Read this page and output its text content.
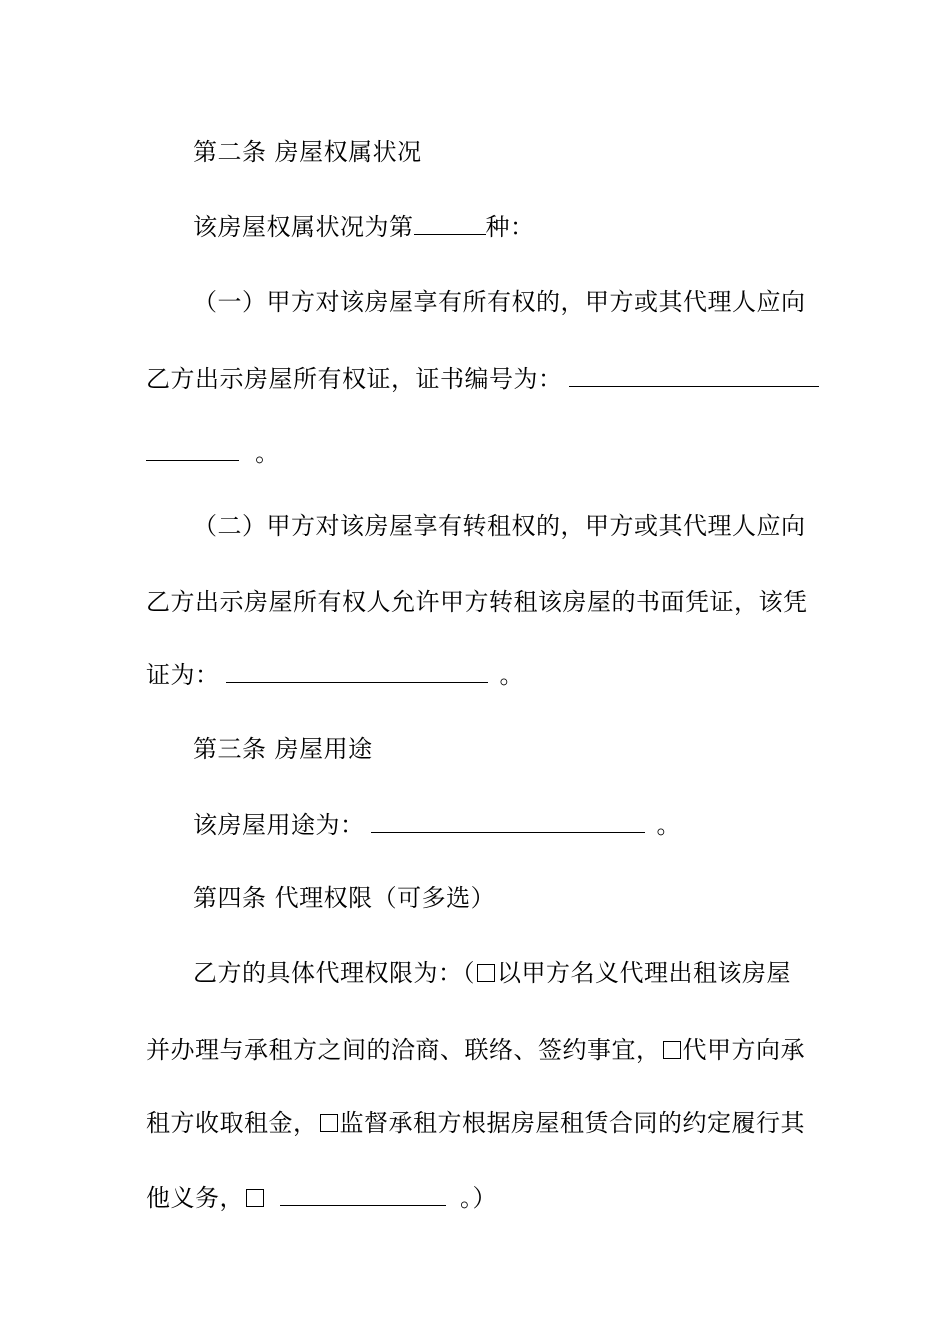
第二条 房屋权属状况
该房屋权属状况为第	种：
（一）甲方对该房屋享有所有权的，甲方或其代理人应向
乙方出示房屋所有权证，证书编号为：
。
（二）甲方对该房屋享有转租权的，甲方或其代理人应向
乙方出示房屋所有权人允许甲方转租该房屋的书面凭证，该凭
证为：	。
第三条 房屋用途
该房屋用途为：	。
第四条 代理权限（可多选）
乙方的具体代理权限为：（ 以甲方名义代理出租该房屋
并办理与承租方之间的洽商、联络、签约事宜， 代甲方向承
租方收取租金， 监督承租方根据房屋租赁合同的约定履行其
他义务，	。）
